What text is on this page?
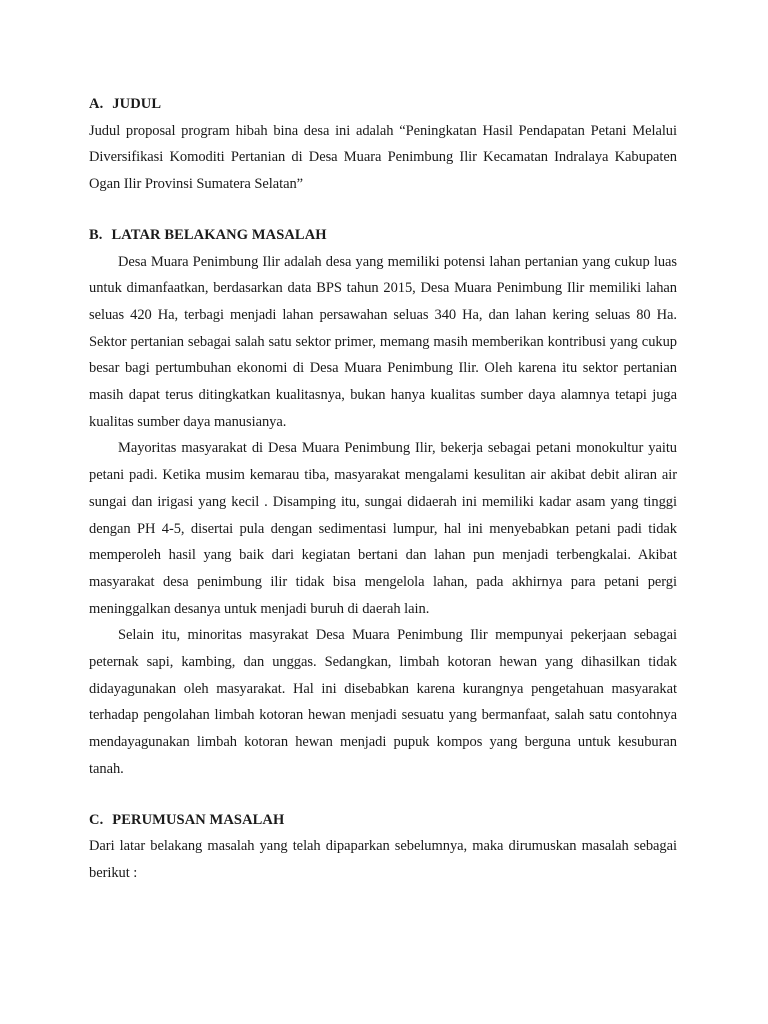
A. JUDUL

Judul proposal program hibah bina desa ini adalah “Peningkatan Hasil Pendapatan Petani Melalui Diversifikasi Komoditi Pertanian di Desa Muara Penimbung Ilir Kecamatan Indralaya Kabupaten Ogan Ilir Provinsi Sumatera Selatan”

B. LATAR BELAKANG MASALAH

Desa Muara Penimbung Ilir adalah desa yang memiliki potensi lahan pertanian yang cukup luas untuk dimanfaatkan, berdasarkan data BPS tahun 2015, Desa Muara Penimbung Ilir memiliki lahan seluas 420 Ha, terbagi menjadi lahan persawahan seluas 340 Ha, dan lahan kering seluas 80 Ha. Sektor pertanian sebagai salah satu sektor primer, memang masih memberikan kontribusi yang cukup besar bagi pertumbuhan ekonomi di Desa Muara Penimbung Ilir. Oleh karena itu sektor pertanian masih dapat terus ditingkatkan kualitasnya, bukan hanya kualitas sumber daya alamnya tetapi juga kualitas sumber daya manusianya.

Mayoritas masyarakat di Desa Muara Penimbung Ilir, bekerja sebagai petani monokultur yaitu petani padi. Ketika musim kemarau tiba, masyarakat mengalami kesulitan air akibat debit aliran air sungai dan irigasi yang kecil . Disamping itu, sungai didaerah ini memiliki kadar asam yang tinggi dengan PH 4-5, disertai pula dengan sedimentasi lumpur, hal ini menyebabkan petani padi tidak memperoleh hasil yang baik dari kegiatan bertani dan lahan pun menjadi terbengkalai. Akibat masyarakat desa penimbung ilir tidak bisa mengelola lahan, pada akhirnya para petani pergi meninggalkan desanya untuk menjadi buruh di daerah lain.

Selain itu, minoritas masyrakat Desa Muara Penimbung Ilir mempunyai pekerjaan sebagai peternak sapi, kambing, dan unggas. Sedangkan, limbah kotoran hewan yang dihasilkan tidak didayagunakan oleh masyarakat. Hal ini disebabkan karena kurangnya pengetahuan masyarakat terhadap pengolahan limbah kotoran hewan menjadi sesuatu yang bermanfaat, salah satu contohnya mendayagunakan limbah kotoran hewan menjadi pupuk kompos yang berguna untuk kesuburan tanah.

C. PERUMUSAN MASALAH

Dari latar belakang masalah yang telah dipaparkan sebelumnya, maka dirumuskan masalah sebagai berikut :
